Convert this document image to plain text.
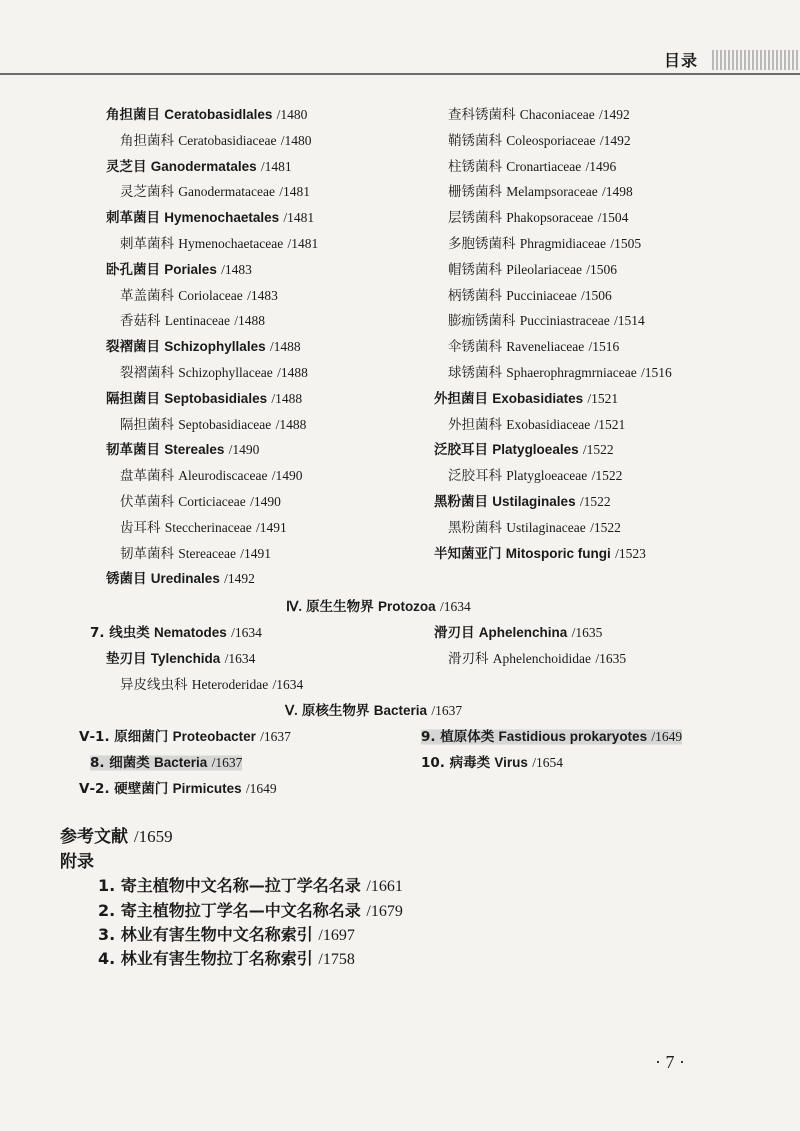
目录
角担菌目 Ceratobasidlales /1480
角担菌科 Ceratobasidiaceae /1480
灵芝目 Ganodermatales /1481
灵芝菌科 Ganodermataceae /1481
刺革菌目 Hymenochaetales /1481
刺革菌科 Hymenochaetaceae /1481
卧孔菌目 Poriales /1483
革盖菌科 Coriolaceae /1483
香菇科 Lentinaceae /1488
裂褶菌目 Schizophyllales /1488
裂褶菌科 Schizophyllaceae /1488
隔担菌目 Septobasidiales /1488
隔担菌科 Septobasidiaceae /1488
韧革菌目 Stereales /1490
盘革菌科 Aleurodiscaceae /1490
伏革菌科 Corticiaceae /1490
齿耳科 Steccherinaceae /1491
韧革菌科 Stereaceae /1491
锈菌目 Uredinales /1492
查科锈菌科 Chaconiaceae /1492
鞘锈菌科 Coleosporiaceae /1492
柱锈菌科 Cronartiaceae /1496
栅锈菌科 Melampsoraceae /1498
层锈菌科 Phakopsoraceae /1504
多胞锈菌科 Phragmidiaceae /1505
帽锈菌科 Pileolariaceae /1506
柄锈菌科 Pucciniaceae /1506
膨痂锈菌科 Pucciniastraceae /1514
伞锈菌科 Raveneliaceae /1516
球锈菌科 Sphaerophragmrniaceae /1516
外担菌目 Exobasidiates /1521
外担菌科 Exobasidiaceae /1521
泛胶耳目 Platygloeales /1522
泛胶耳科 Platygloeaceae /1522
黑粉菌目 Ustilaginales /1522
黑粉菌科 Ustilaginaceae /1522
半知菌亚门 Mitosporic fungi /1523
Ⅳ. 原生生物界 Protozoa /1634
7. 线虫类 Nematodes /1634
垫刃目 Tylenchida /1634
异皮线虫科 Heteroderidae /1634
滑刃目 Aphelenchina /1635
滑刃科 Aphelenchoididae /1635
Ⅴ. 原核生物界 Bacteria /1637
Ⅴ-1. 原细菌门 Proteobacter /1637
8. 细菌类 Bacteria /1637
Ⅴ-2. 硬壁菌门 Pirmicutes /1649
9. 植原体类 Fastidious prokaryotes /1649
10. 病毒类 Virus /1654
参考文献 /1659
附录
1. 寄主植物中文名称—拉丁学名名录 /1661
2. 寄主植物拉丁学名—中文名称名录 /1679
3. 林业有害生物中文名称索引 /1697
4. 林业有害生物拉丁名称索引 /1758
· 7 ·
